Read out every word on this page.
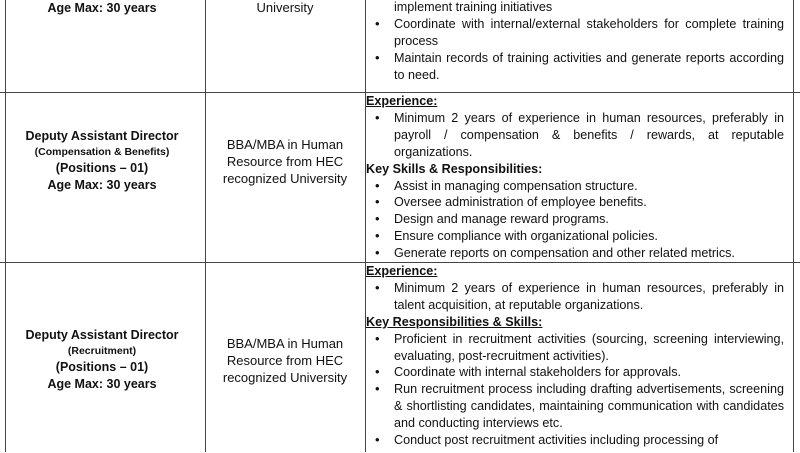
Age Max: 30 years	University
•	implement training initiatives
• Coordinate with internal/external stakeholders for complete training process
• Maintain records of training activities and generate reports according to need.
Deputy Assistant Director
(Compensation & Benefits)
(Positions – 01)
Age Max: 30 years
BBA/MBA in Human Resource from HEC recognized University
Experience:
• Minimum 2 years of experience in human resources, preferably in payroll / compensation & benefits / rewards, at reputable organizations.
Key Skills & Responsibilities:
• Assist in managing compensation structure.
• Oversee administration of employee benefits.
• Design and manage reward programs.
• Ensure compliance with organizational policies.
• Generate reports on compensation and other related metrics.
Deputy Assistant Director
(Recruitment)
(Positions – 01)
Age Max: 30 years
BBA/MBA in Human Resource from HEC recognized University
Experience:
• Minimum 2 years of experience in human resources, preferably in talent acquisition, at reputable organizations.
Key Responsibilities & Skills:
• Proficient in recruitment activities (sourcing, screening interviewing, evaluating, post-recruitment activities).
• Coordinate with internal stakeholders for approvals.
• Run recruitment process including drafting advertisements, screening & shortlisting candidates, maintaining communication with candidates and conducting interviews etc.
• Conduct post recruitment activities including processing of
